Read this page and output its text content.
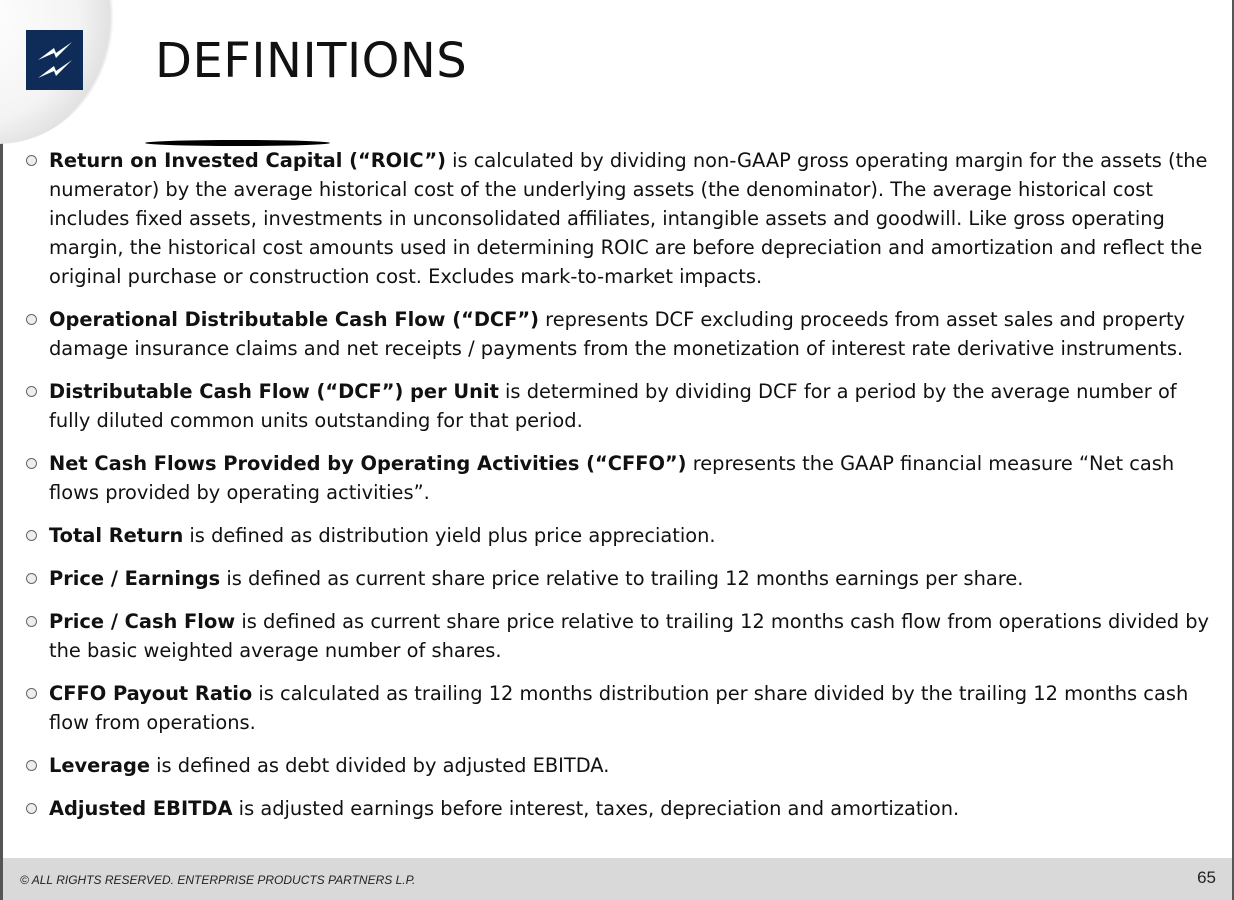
DEFINITIONS
Return on Invested Capital (“ROIC”) is calculated by dividing non-GAAP gross operating margin for the assets (the numerator) by the average historical cost of the underlying assets (the denominator). The average historical cost includes fixed assets, investments in unconsolidated affiliates, intangible assets and goodwill. Like gross operating margin, the historical cost amounts used in determining ROIC are before depreciation and amortization and reflect the original purchase or construction cost. Excludes mark-to-market impacts.
Operational Distributable Cash Flow (“DCF”) represents DCF excluding proceeds from asset sales and property damage insurance claims and net receipts / payments from the monetization of interest rate derivative instruments.
Distributable Cash Flow (“DCF”) per Unit is determined by dividing DCF for a period by the average number of fully diluted common units outstanding for that period.
Net Cash Flows Provided by Operating Activities (“CFFO”) represents the GAAP financial measure “Net cash flows provided by operating activities”.
Total Return is defined as distribution yield plus price appreciation.
Price / Earnings is defined as current share price relative to trailing 12 months earnings per share.
Price / Cash Flow is defined as current share price relative to trailing 12 months cash flow from operations divided by the basic weighted average number of shares.
CFFO Payout Ratio is calculated as trailing 12 months distribution per share divided by the trailing 12 months cash flow from operations.
Leverage is defined as debt divided by adjusted EBITDA.
Adjusted EBITDA is adjusted earnings before interest, taxes, depreciation and amortization.
© ALL RIGHTS RESERVED. ENTERPRISE PRODUCTS PARTNERS L.P.	65
